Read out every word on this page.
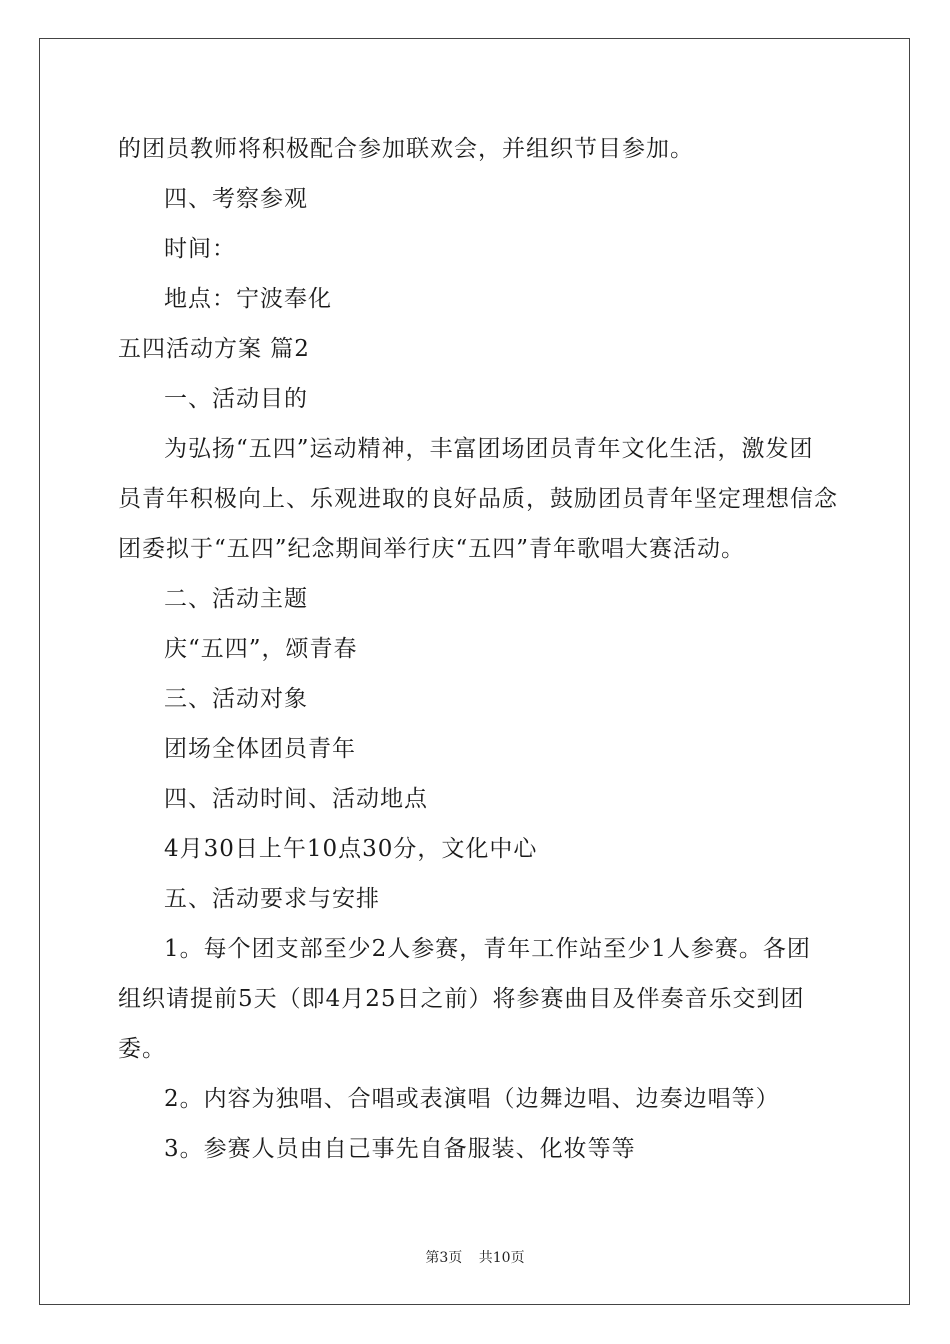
的团员教师将积极配合参加联欢会，并组织节目参加。
四、考察参观
时间：
地点：宁波奉化
五四活动方案 篇2
一、活动目的
为弘扬“五四”运动精神，丰富团场团员青年文化生活，激发团
员青年积极向上、乐观进取的良好品质，鼓励团员青年坚定理想信念
团委拟于“五四”纪念期间举行庆“五四”青年歌唱大赛活动。
二、活动主题
庆“五四”，颂青春
三、活动对象
团场全体团员青年
四、活动时间、活动地点
4月30日上午10点30分，文化中心
五、活动要求与安排
1。每个团支部至少2人参赛，青年工作站至少1人参赛。各团
组织请提前5天（即4月25日之前）将参赛曲目及伴奏音乐交到团
委。
2。内容为独唱、合唱或表演唱（边舞边唱、边奏边唱等）
3。参赛人员由自己事先自备服装、化妆等等
第3页 共10页
